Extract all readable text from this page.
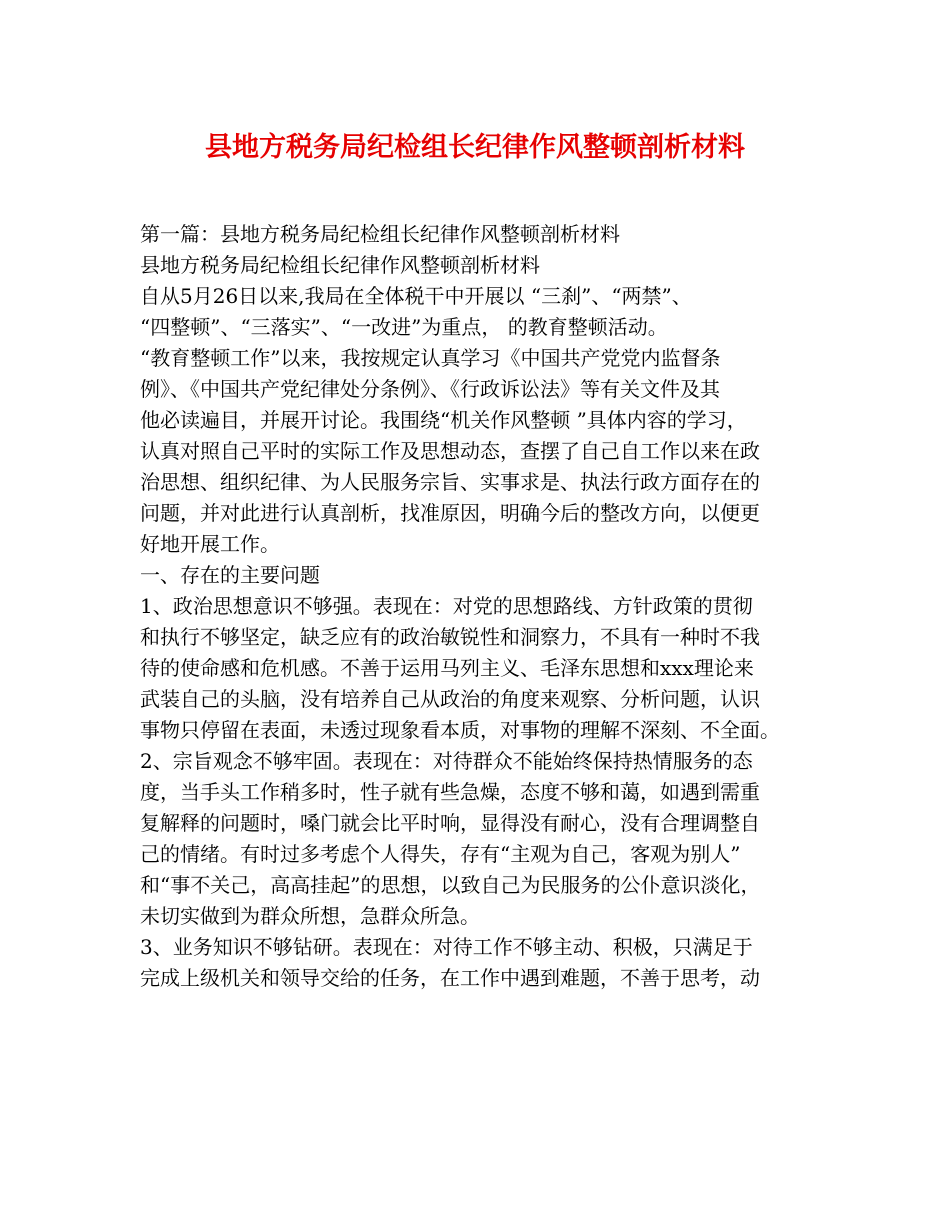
县地方税务局纪检组长纪律作风整顿剖析材料

第一篇：县地方税务局纪检组长纪律作风整顿剖析材料

县地方税务局纪检组长纪律作风整顿剖析材料

自从5月26日以来,我局在全体税干中开展以 “三刹”、“两禁”、

“四整顿”、“三落实”、“一改进”为重点， 的教育整顿活动。

“教育整顿工作”以来，我按规定认真学习《中国共产党党内监督条

例》、《中国共产党纪律处分条例》、《行政诉讼法》等有关文件及其

他必读遍目，并展开讨论。我围绕“机关作风整顿 ”具体内容的学习，

认真对照自己平时的实际工作及思想动态，查摆了自己自工作以来在政

治思想、组织纪律、为人民服务宗旨、实事求是、执法行政方面存在的

问题，并对此进行认真剖析，找准原因，明确今后的整改方向，以便更

好地开展工作。

一、存在的主要问题

1、政治思想意识不够强。表现在：对党的思想路线、方针政策的贯彻

和执行不够坚定，缺乏应有的政治敏锐性和洞察力，不具有一种时不我

待的使命感和危机感。不善于运用马列主义、毛泽东思想和xxx理论来

武装自己的头脑，没有培养自己从政治的角度来观察、分析问题，认识

事物只停留在表面，未透过现象看本质，对事物的理解不深刻、不全面。

2、宗旨观念不够牢固。表现在：对待群众不能始终保持热情服务的态

度，当手头工作稍多时，性子就有些急燥，态度不够和蔼，如遇到需重

复解释的问题时，嗓门就会比平时响，显得没有耐心，没有合理调整自

己的情绪。有时过多考虑个人得失，存有“主观为自己，客观为别人”

和“事不关己，高高挂起”的思想，以致自己为民服务的公仆意识淡化，

未切实做到为群众所想，急群众所急。

3、业务知识不够钻研。表现在：对待工作不够主动、积极，只满足于

完成上级机关和领导交给的任务，在工作中遇到难题，不善于思考，动
